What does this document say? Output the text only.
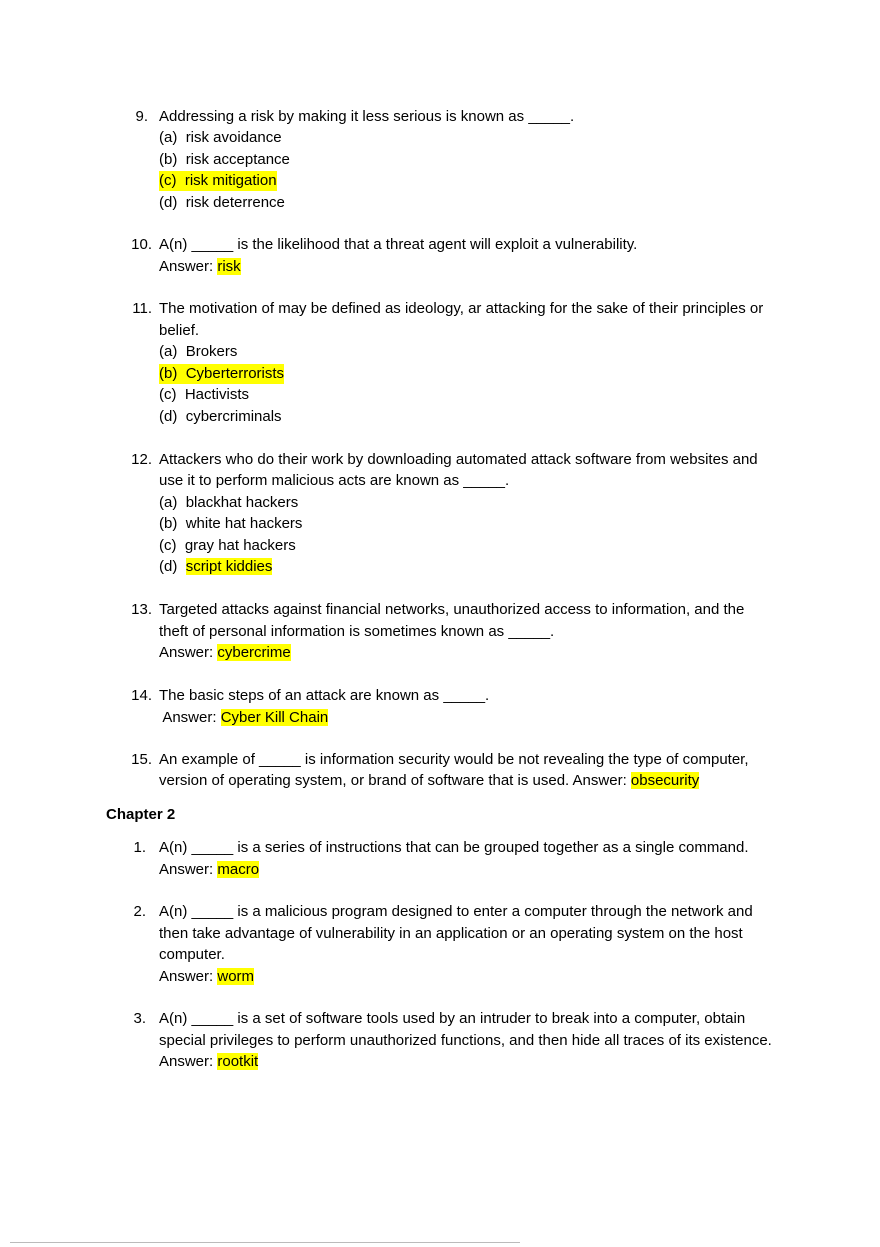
9. Addressing a risk by making it less serious is known as _____.
(a) risk avoidance
(b) risk acceptance
(c) risk mitigation
(d) risk deterrence
10. A(n) _____ is the likelihood that a threat agent will exploit a vulnerability.
Answer: risk
11. The motivation of may be defined as ideology, ar attacking for the sake of their principles or
belief.
(a) Brokers
(b) Cyberterrorists
(c) Hactivists
(d) cybercriminals
12. Attackers who do their work by downloading automated attack software from websites and
use it to perform malicious acts are known as _____.
(a) blackhat hackers
(b) white hat hackers
(c) gray hat hackers
(d) script kiddies
13. Targeted attacks against financial networks, unauthorized access to information, and the
theft of personal information is sometimes known as _____.
Answer: cybercrime
14. The basic steps of an attack are known as _____.
Answer: Cyber Kill Chain
15. An example of _____ is information security would be not revealing the type of computer,
version of operating system, or brand of software that is used. Answer: obsecurity
Chapter 2
1. A(n) _____ is a series of instructions that can be grouped together as a single command.
Answer: macro
2. A(n) _____ is a malicious program designed to enter a computer through the network and
then take advantage of vulnerability in an application or an operating system on the host
computer.
Answer: worm
3. A(n) _____ is a set of software tools used by an intruder to break into a computer, obtain
special privileges to perform unauthorized functions, and then hide all traces of its existence.
Answer: rootkit
